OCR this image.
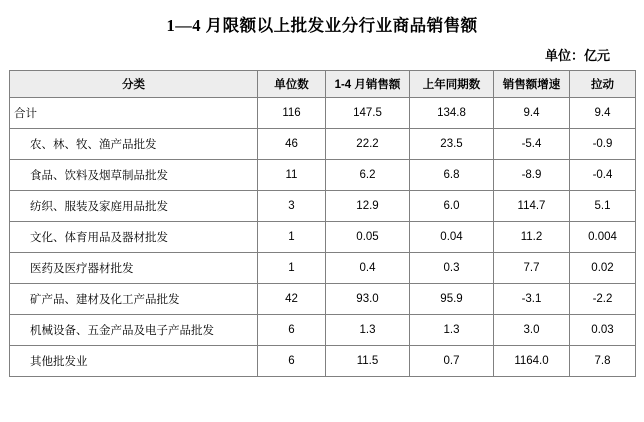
1—4 月限额以上批发业分行业商品销售额
单位：亿元
分类	单位数	1-4 月销售额	上年同期数	销售额增速	拉动
合计	116	147.5	134.8	9.4	9.4
农、林、牧、渔产品批发	46	22.2	23.5	-5.4	-0.9
食品、饮料及烟草制品批发	11	6.2	6.8	-8.9	-0.4
纺织、服装及家庭用品批发	3	12.9	6.0	114.7	5.1
文化、体育用品及器材批发	1	0.05	0.04	11.2	0.004
医药及医疗器材批发	1	0.4	0.3	7.7	0.02
矿产品、建材及化工产品批发	42	93.0	95.9	-3.1	-2.2
机械设备、五金产品及电子产品批发	6	1.3	1.3	3.0	0.03
其他批发业	6	11.5	0.7	1164.0	7.8
